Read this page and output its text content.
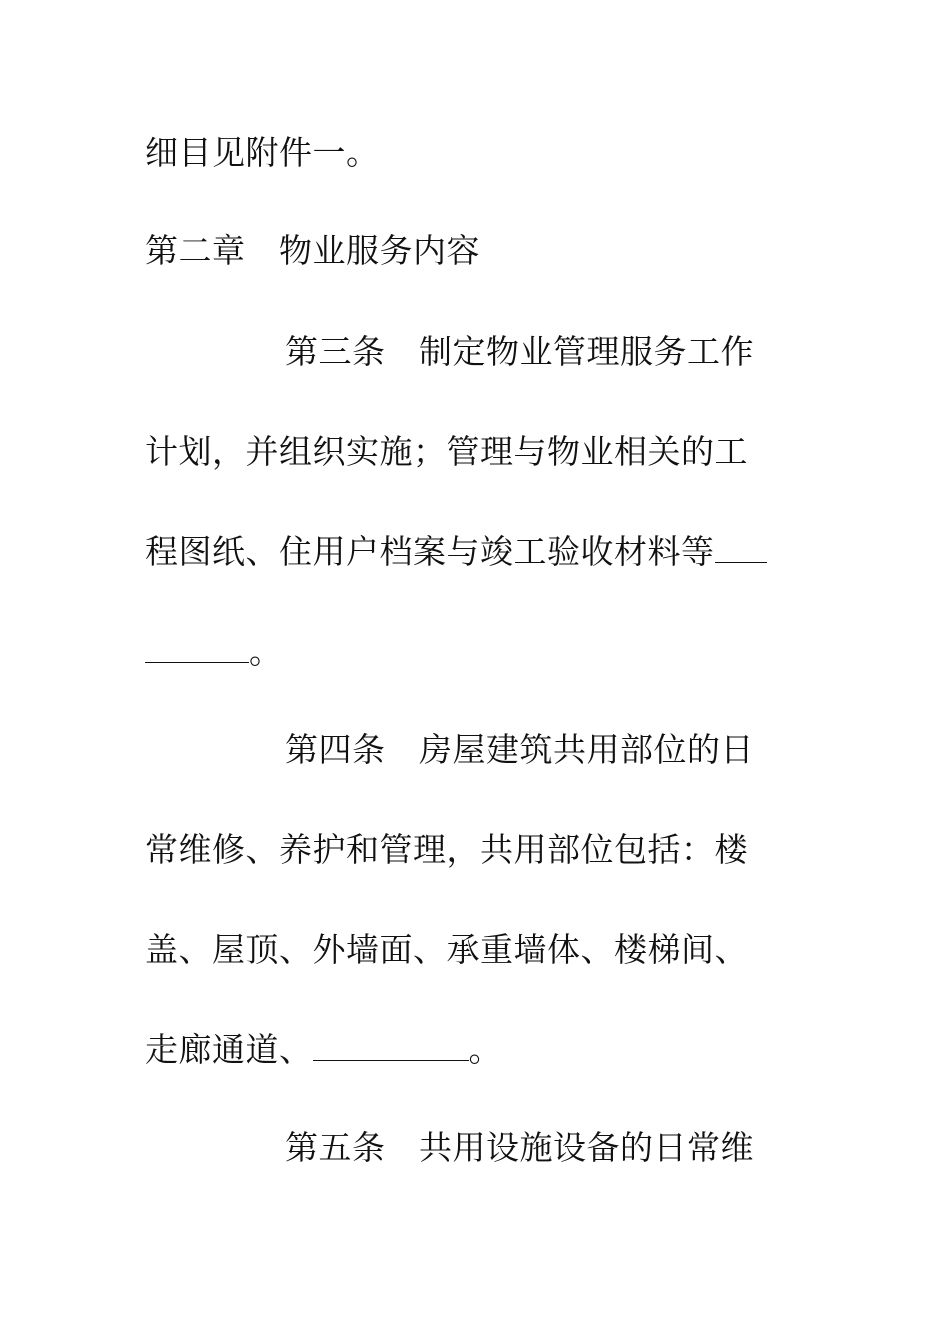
细目见附件一。
第二章　物业服务内容
第三条　制定物业管理服务工作
计划，并组织实施；管理与物业相关的工
程图纸、住用户档案与竣工验收材料等
。
第四条　房屋建筑共用部位的日
常维修、养护和管理，共用部位包括：楼
盖、屋顶、外墙面、承重墙体、楼梯间、
走廊通道、	。
第五条　共用设施设备的日常维
